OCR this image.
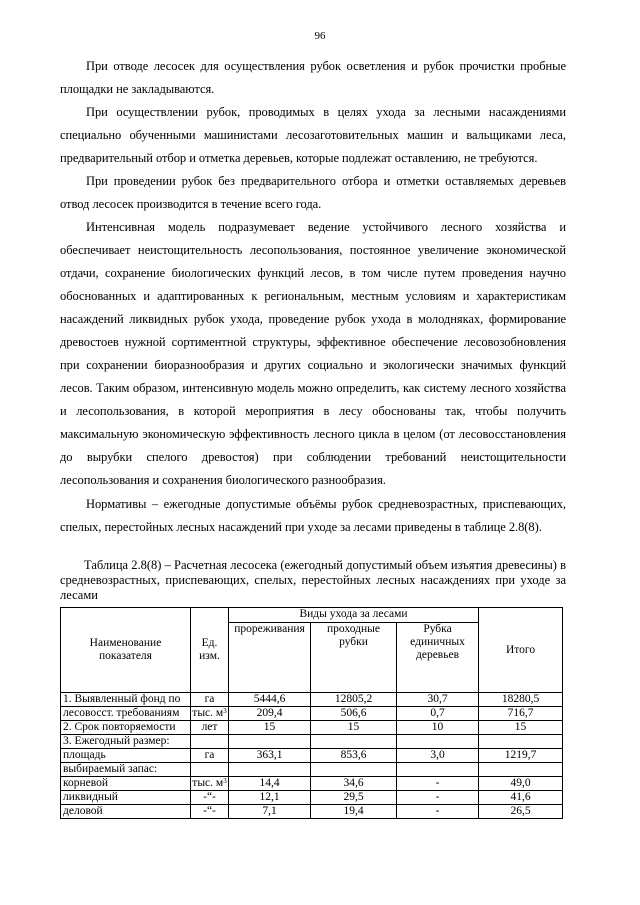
96

При отводе лесосек для осуществления рубок осветления и рубок прочистки пробные площадки не закладываются.

При осуществлении рубок, проводимых в целях ухода за лесными насаждениями специально обученными машинистами лесозаготовительных машин и вальщиками леса, предварительный отбор и отметка деревьев, которые подлежат оставлению, не требуются.

При проведении рубок без предварительного отбора и отметки оставляемых деревьев отвод лесосек производится в течение всего года.

Интенсивная модель подразумевает ведение устойчивого лесного хозяйства и обеспечивает неистощительность лесопользования, постоянное увеличение экономической отдачи, сохранение биологических функций лесов, в том числе путем проведения научно обоснованных и адаптированных к региональным, местным условиям и характеристикам насаждений ликвидных рубок ухода, проведение рубок ухода в молодняках, формирование древостоев нужной сортиментной структуры, эффективное обеспечение лесовозобновления при сохранении биоразнообразия и других социально и экологически значимых функций лесов. Таким образом, интенсивную модель можно определить, как систему лесного хозяйства и лесопользования, в которой мероприятия в лесу обоснованы так, чтобы получить максимальную экономическую эффективность лесного цикла в целом (от лесовосстановления до вырубки спелого древостоя) при соблюдении требований неистощительности лесопользования и сохранения биологического разнообразия.

Нормативы – ежегодные допустимые объёмы рубок средневозрастных, приспевающих, спелых, перестойных лесных насаждений при уходе за лесами приведены в таблице 2.8(8).

Таблица 2.8(8) – Расчетная лесосека (ежегодный допустимый объем изъятия древесины) в средневозрастных, приспевающих, спелых, перестойных лесных насаждениях при уходе за лесами
Наименование показателя	Ед. изм.	Виды ухода за лесами			Итого
		прореживания	проходные рубки	Рубка единичных деревьев	
1. Выявленный фонд по	га	5444,6	12805,2	30,7	18280,5
лесовосст. требованиям	тыс. $м^3$	209,4	506,6	0,7	716,7
2. Срок повторяемости	лет	15	15	10	15
3. Ежегодный размер:					
площадь	га	363,1	853,6	3,0	1219,7
выбираемый запас:					
корневой	тыс. $м^3$	14,4	34,6	-	49,0
ликвидный	-“-	12,1	29,5	-	41,6
деловой	-“-	7,1	19,4	-	26,5
